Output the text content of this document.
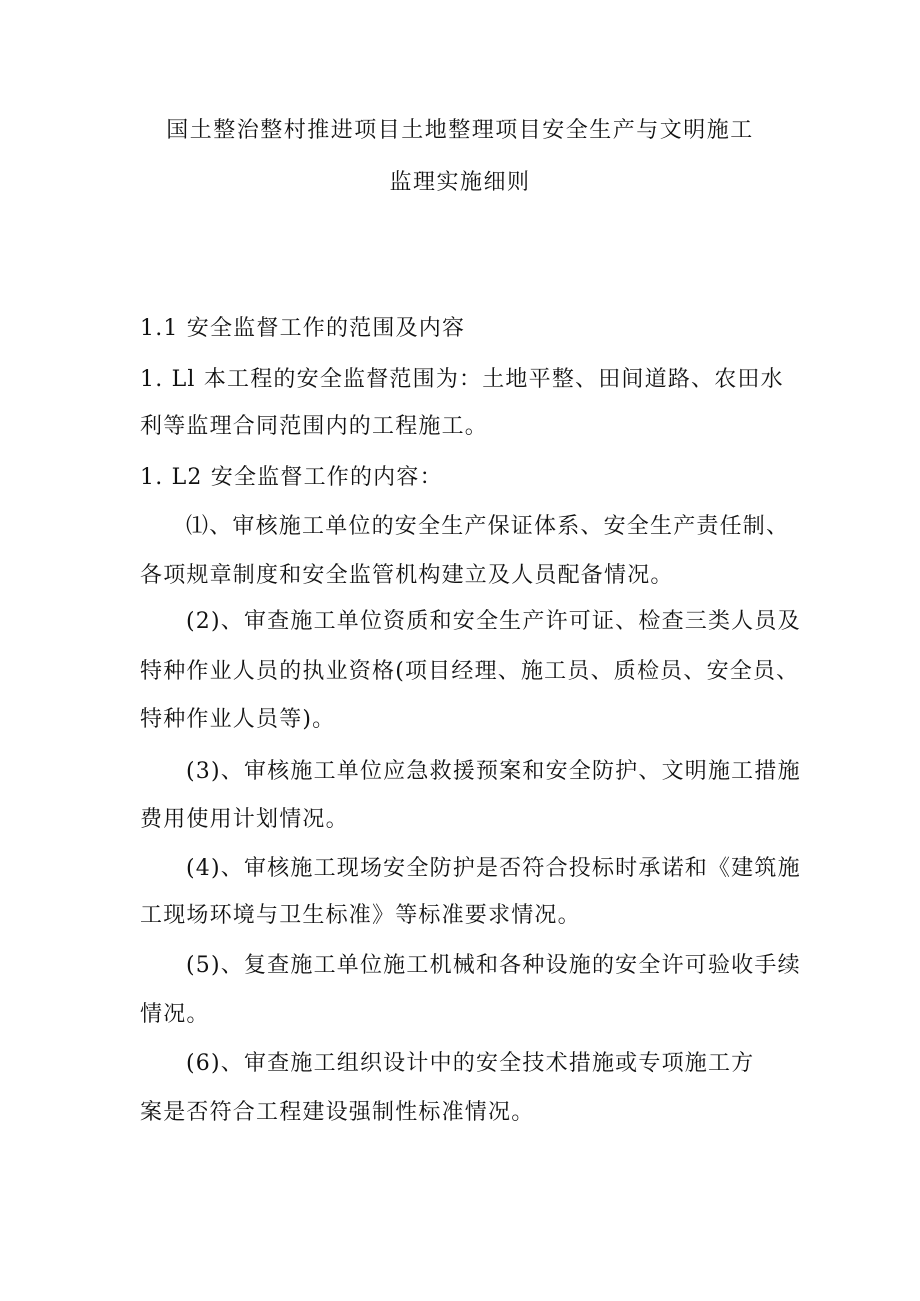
国土整治整村推进项目土地整理项目安全生产与文明施工
监理实施细则
1.1 安全监督工作的范围及内容
1. Ll 本工程的安全监督范围为：土地平整、田间道路、农田水
利等监理合同范围内的工程施工。
1. L2 安全监督工作的内容：
⑴、审核施工单位的安全生产保证体系、安全生产责任制、
各项规章制度和安全监管机构建立及人员配备情况。
(2)、审查施工单位资质和安全生产许可证、检查三类人员及
特种作业人员的执业资格(项目经理、施工员、质检员、安全员、
特种作业人员等)。
(3)、审核施工单位应急救援预案和安全防护、文明施工措施
费用使用计划情况。
(4)、审核施工现场安全防护是否符合投标时承诺和《建筑施
工现场环境与卫生标准》等标准要求情况。
(5)、复查施工单位施工机械和各种设施的安全许可验收手续
情况。
(6)、审查施工组织设计中的安全技术措施或专项施工方
案是否符合工程建设强制性标准情况。
